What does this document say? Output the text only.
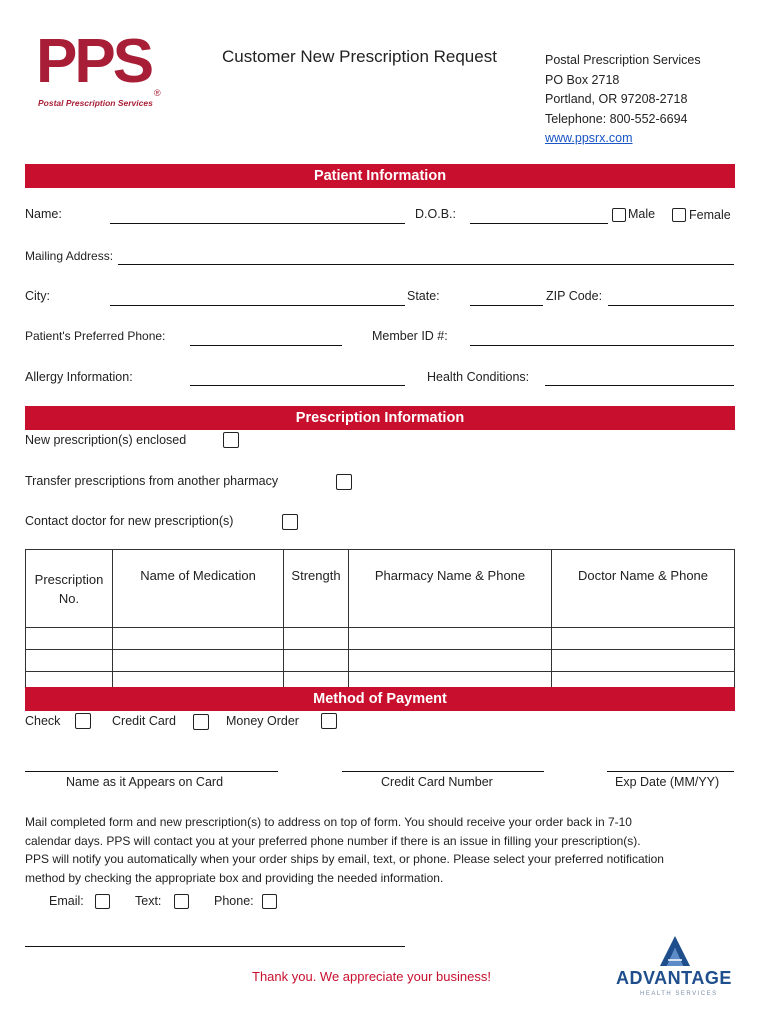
PPS ®
Postal Prescription Services
Customer New Prescription Request	Postal Prescription Services
PO Box 2718
Portland, OR 97208-2718
Telephone: 800-552-6694
www.ppsrx.com
Patient Information
Name:	D.O.B.:	Male	Female
Mailing Address:
City:	State:	ZIP Code:
Patient's Preferred Phone:	Member ID #:
Allergy Information:	Health Conditions:
Prescription Information
New prescription(s) enclosed
Transfer prescriptions from another pharmacy
Contact doctor for new prescription(s)
Prescription No.	Name of Medication	Strength	Pharmacy Name & Phone	Doctor Name & Phone

Method of Payment
Check	Credit Card	Money Order
Name as it Appears on Card	Credit Card Number	Exp Date (MM/YY)
Mail completed form and new prescription(s) to address on top of form. You should receive your order back in 7-10
calendar days. PPS will contact you at your preferred phone number if there is an issue in filling your prescription(s).
PPS will notify you automatically when your order ships by email, text, or phone. Please select your preferred notification
method by checking the appropriate box and providing the needed information.
Email:	Text:	Phone:
Thank you. We appreciate your business!	ADVANTAGE
HEALTH SERVICES
